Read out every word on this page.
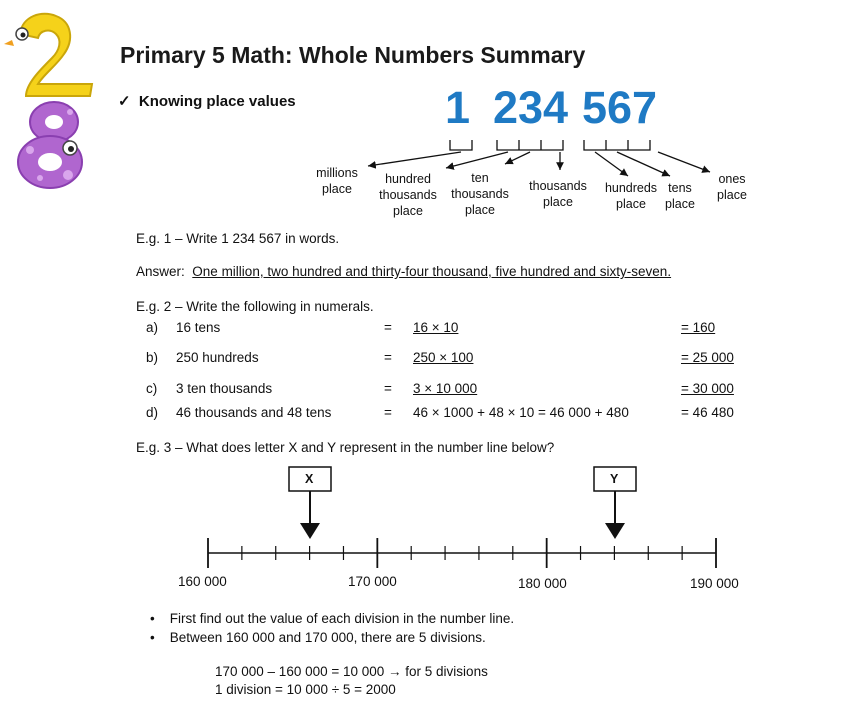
Primary 5 Math: Whole Numbers Summary
✓ Knowing place values	1 234 567
millions place
hundred thousands place
ten thousands place
thousands place
hundreds place
tens place
ones place
E.g. 1 – Write 1 234 567 in words.
Answer: One million, two hundred and thirty-four thousand, five hundred and sixty-seven.
E.g. 2 – Write the following in numerals.
a) 16 tens	= 16 × 10	= 160
b) 250 hundreds	= 250 × 100	= 25 000
c) 3 ten thousands	= 3 × 10 000	= 30 000
d) 46 thousands and 48 tens	= 46 × 1000 + 48 × 10 = 46 000 + 480	= 46 480
E.g. 3 – What does letter X and Y represent in the number line below?
X	Y
160 000	170 000	180 000	190 000
•    First find out the value of each division in the number line.
•    Between 160 000 and 170 000, there are 5 divisions.
170 000 – 160 000 = 10 000 → for 5 divisions
1 division = 10 000 ÷ 5 = 2000
